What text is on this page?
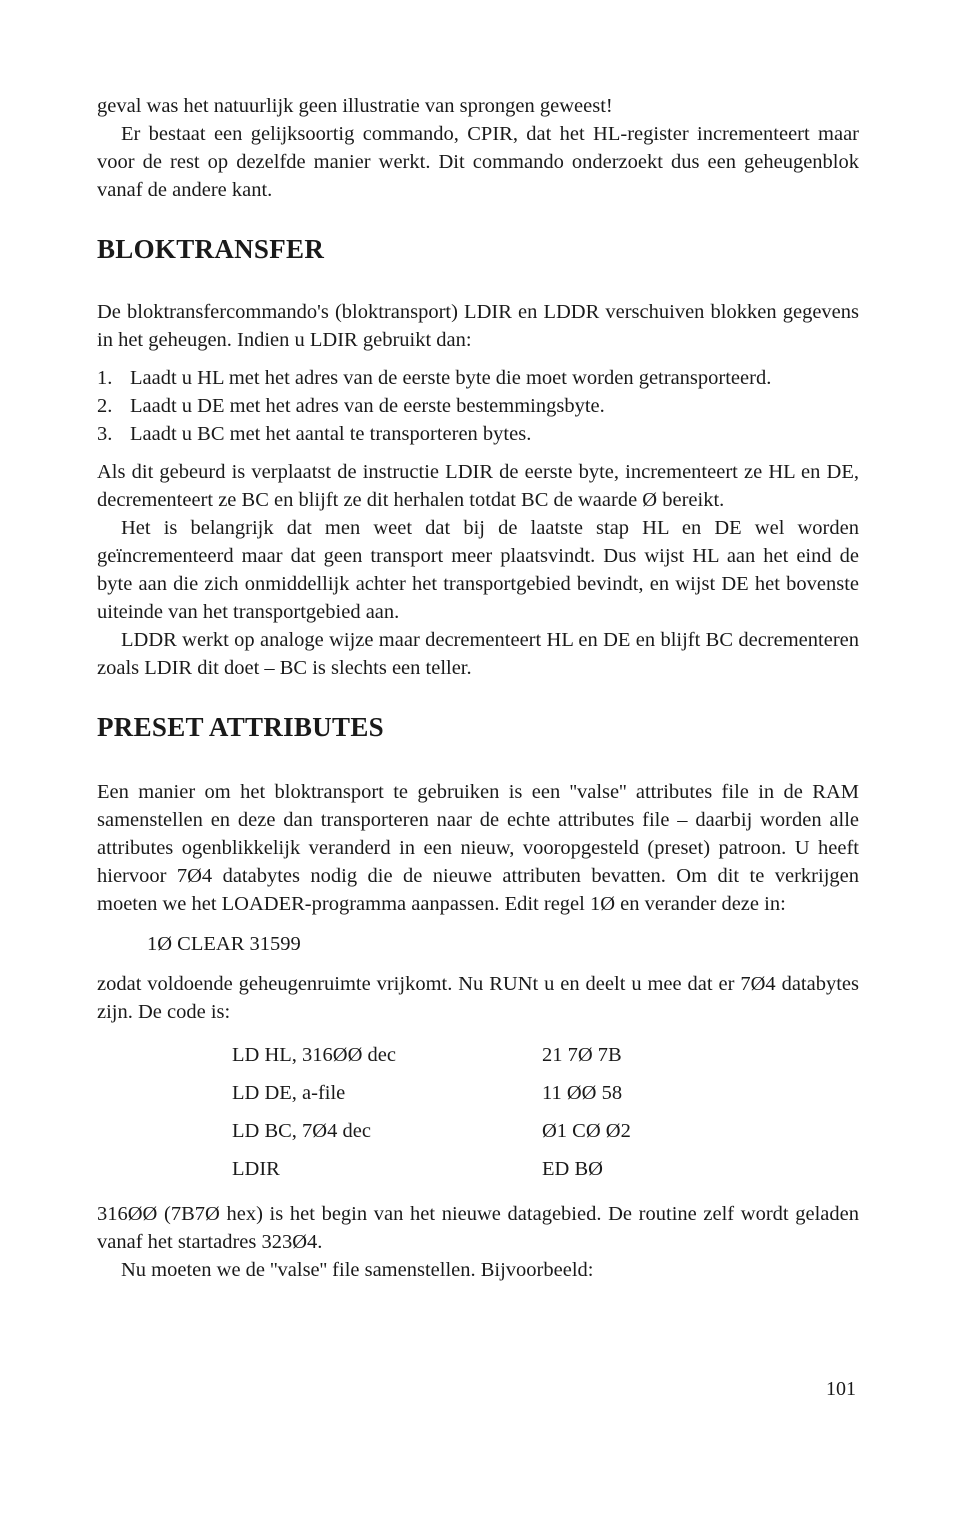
geval was het natuurlijk geen illustratie van sprongen geweest!

Er bestaat een gelijksoortig commando, CPIR, dat het HL-register incrementeert maar voor de rest op dezelfde manier werkt. Dit commando onderzoekt dus een geheugenblok vanaf de andere kant.

BLOKTRANSFER

De bloktransfercommando's (bloktransport) LDIR en LDDR verschuiven blokken gegevens in het geheugen. Indien u LDIR gebruikt dan:

1. Laadt u HL met het adres van de eerste byte die moet worden getransporteerd.
2. Laadt u DE met het adres van de eerste bestemmingsbyte.
3. Laadt u BC met het aantal te transporteren bytes.

Als dit gebeurd is verplaatst de instructie LDIR de eerste byte, incrementeert ze HL en DE, decrementeert ze BC en blijft ze dit herhalen totdat BC de waarde Ø bereikt.

Het is belangrijk dat men weet dat bij de laatste stap HL en DE wel worden geïncrementeerd maar dat geen transport meer plaatsvindt. Dus wijst HL aan het eind de byte aan die zich onmiddellijk achter het transportgebied bevindt, en wijst DE het bovenste uiteinde van het transportgebied aan.

LDDR werkt op analoge wijze maar decrementeert HL en DE en blijft BC decrementeren zoals LDIR dit doet – BC is slechts een teller.

PRESET ATTRIBUTES

Een manier om het bloktransport te gebruiken is een ''valse'' attributes file in de RAM samenstellen en deze dan transporteren naar de echte attributes file – daarbij worden alle attributes ogenblikkelijk veranderd in een nieuw, vooropgesteld (preset) patroon. U heeft hiervoor 7Ø4 databytes nodig die de nieuwe attributen bevatten. Om dit te verkrijgen moeten we het LOADER-programma aanpassen. Edit regel 1Ø en verander deze in:

1Ø CLEAR 31599

zodat voldoende geheugenruimte vrijkomt. Nu RUNt u en deelt u mee dat er 7Ø4 databytes zijn. De code is:

LD HL, 316ØØ dec	21 7Ø 7B
LD DE, a-file	11 ØØ 58
LD BC, 7Ø4 dec	Ø1 CØ Ø2
LDIR	ED BØ

316ØØ (7B7Ø hex) is het begin van het nieuwe datagebied. De routine zelf wordt geladen vanaf het startadres 323Ø4.

Nu moeten we de ''valse'' file samenstellen. Bijvoorbeeld:

101
